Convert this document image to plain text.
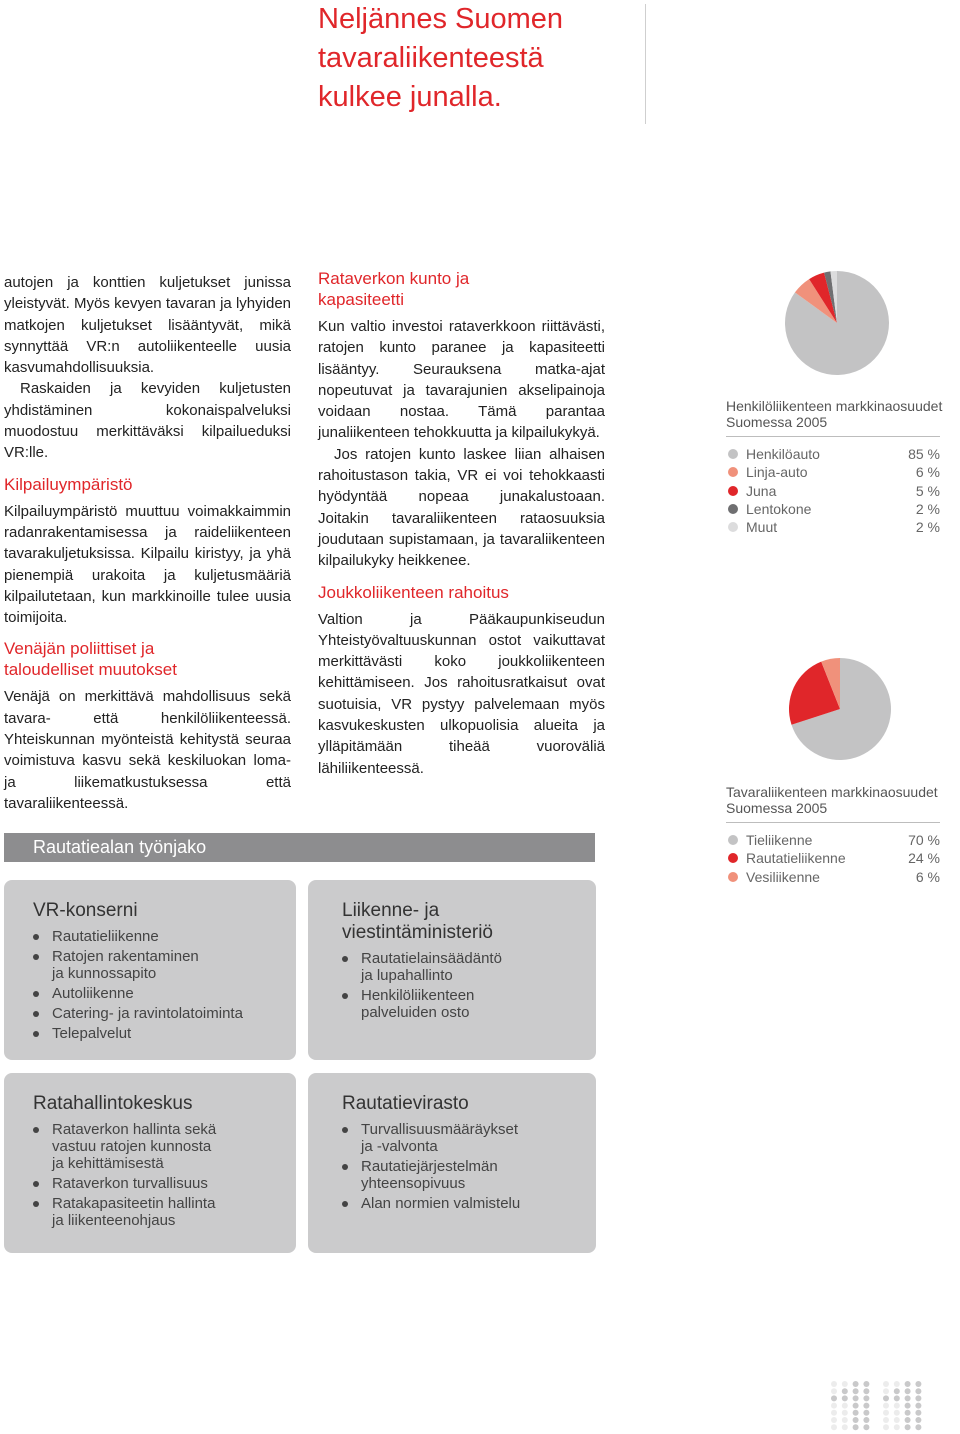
Neljännes Suomen
tavaraliikenteestä
kulkee junalla.

autojen ja konttien kuljetukset junissa yleistyvät. Myös kevyen tavaran ja lyhyiden matkojen kuljetukset lisääntyvät, mikä synnyttää VR:n autoliikenteelle uusia kasvumahdollisuuksia.

Raskaiden ja kevyiden kuljetusten yhdistäminen kokonaispalveluksi muodostuu merkittäväksi kilpailueduksi VR:lle.

Kilpailuympäristö

Kilpailuympäristö muuttuu voimakkaimmin radanrakentamisessa ja raideliikenteen tavarakuljetuksissa. Kilpailu kiristyy, ja yhä pienempiä urakoita ja kuljetusmääriä kilpailutetaan, kun markkinoille tulee uusia toimijoita.

Venäjän poliittiset ja taloudelliset muutokset

Venäjä on merkittävä mahdollisuus sekä tavara- että henkilöliikenteessä. Yhteiskunnan myönteistä kehitystä seuraa voimistuva kasvu sekä keskiluokan loma- ja liikematkustuksessa että tavaraliikenteessä.

Rataverkon kunto ja kapasiteetti

Kun valtio investoi rataverkkoon riittävästi, ratojen kunto paranee ja kapasiteetti lisääntyy. Seurauksena matka-ajat nopeutuvat ja tavarajunien akselipainoja voidaan nostaa. Tämä parantaa junaliikenteen tehokkuutta ja kilpailukykyä.

Jos ratojen kunto laskee liian alhaisen rahoitustason takia, VR ei voi tehokkaasti hyödyntää nopeaa junakalustoaan. Joitakin tavaraliikenteen rataosuuksia joudutaan supistamaan, ja tavaraliikenteen kilpailukyky heikkenee.

Joukkoliikenteen rahoitus

Valtion ja Pääkaupunkiseudun Yhteistyövaltuuskunnan ostot vaikuttavat merkittävästi koko joukkoliikenteen kehittämiseen. Jos rahoitusratkaisut ovat suotuisia, VR pystyy palvelemaan myös kasvukeskusten ulkopuolisia alueita ja ylläpitämään tiheää vuoroväliä lähiliikenteessä.

Rautatiealan työnjako
VR-konserni
Rautatieliikenne
Ratojen rakentaminen
ja kunnossapito
Autoliikenne
Catering- ja ravintolatoiminta
Telepalvelut
Liikenne- ja
viestintäministeriö
Rautatielainsäädäntö
ja lupahallinto
Henkilöliikenteen
palveluiden osto
Ratahallintokeskus
Rataverkon hallinta sekä
vastuu ratojen kunnosta
ja kehittämisestä
Rataverkon turvallisuus
Ratakapasiteetin hallinta
ja liikenteenohjaus
Rautatievirasto
Turvallisuusmääräykset
ja -valvonta
Rautatiejärjestelmän
yhteensopivuus
Alan normien valmistelu
Henkilöliikenteen markkinaosuudet Suomessa 2005
Henkilöauto	85 %
Linja-auto	6 %
Juna	5 %
Lentokone	2 %
Muut	2 %
Tavaraliikenteen markkinaosuudet Suomessa 2005
Tieliikenne	70 %
Rautatieliikenne	24 %
Vesiliikenne	6 %
